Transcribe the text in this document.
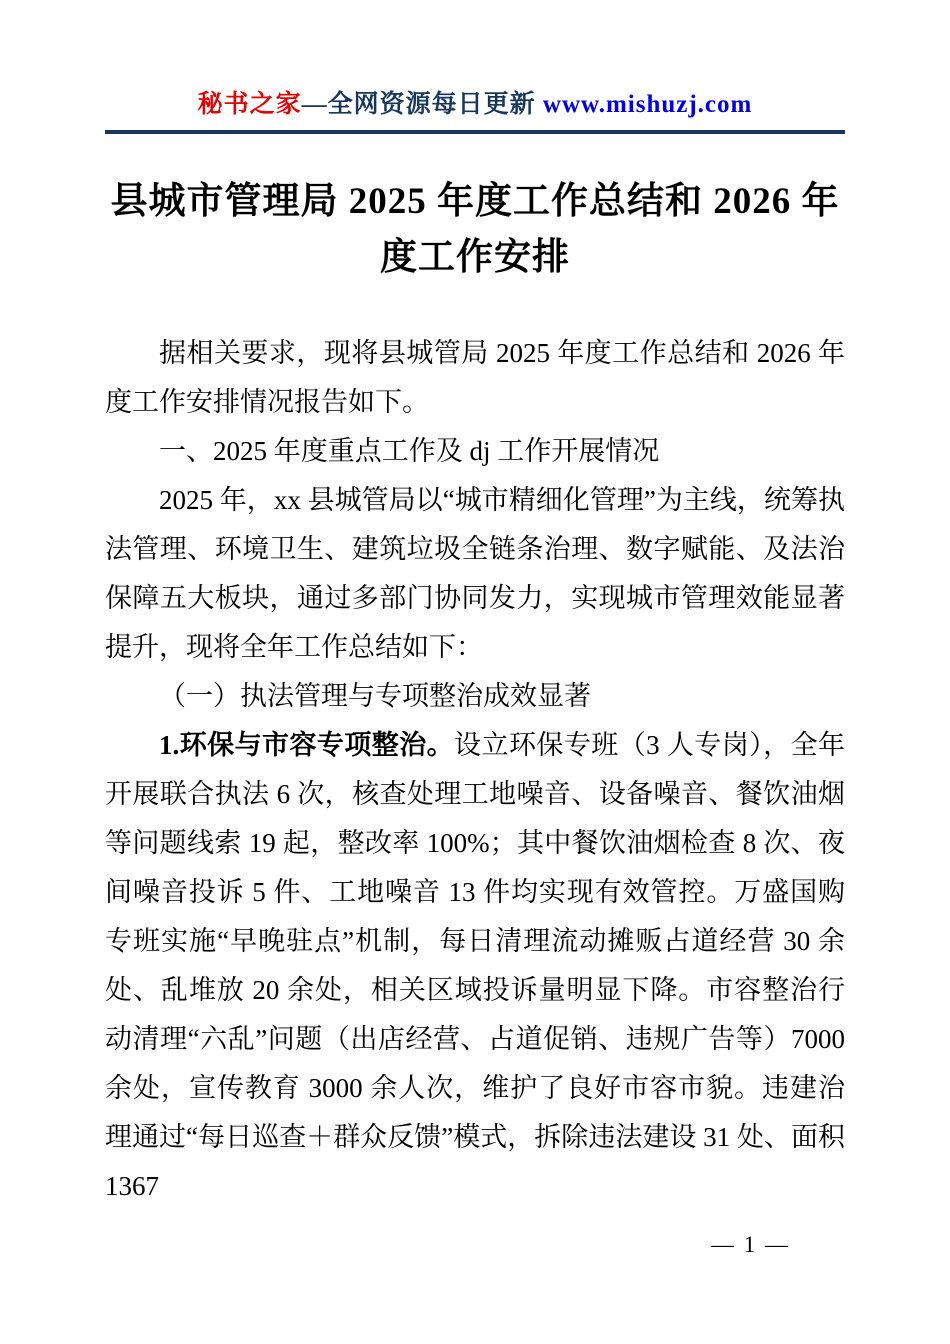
秘书之家—全网资源每日更新 www.mishuzj.com
县城市管理局 2025 年度工作总结和 2026 年度工作安排

据相关要求，现将县城管局 2025 年度工作总结和 2026 年度工作安排情况报告如下。

一、2025 年度重点工作及 dj 工作开展情况

2025 年，xx 县城管局以“城市精细化管理”为主线，统筹执法管理、环境卫生、建筑垃圾全链条治理、数字赋能、及法治保障五大板块，通过多部门协同发力，实现城市管理效能显著提升，现将全年工作总结如下：

（一）执法管理与专项整治成效显著

1.环保与市容专项整治。设立环保专班（3 人专岗），全年开展联合执法 6 次，核查处理工地噪音、设备噪音、餐饮油烟等问题线索 19 起，整改率 100%；其中餐饮油烟检查 8 次、夜间噪音投诉 5 件、工地噪音 13 件均实现有效管控。万盛国购专班实施“早晚驻点”机制，每日清理流动摊贩占道经营 30 余处、乱堆放 20 余处，相关区域投诉量明显下降。市容整治行动清理“六乱”问题（出店经营、占道促销、违规广告等）7000 余处，宣传教育 3000 余人次，维护了良好市容市貌。违建治理通过“每日巡查＋群众反馈”模式，拆除违法建设 31 处、面积 1367

— 1 —
